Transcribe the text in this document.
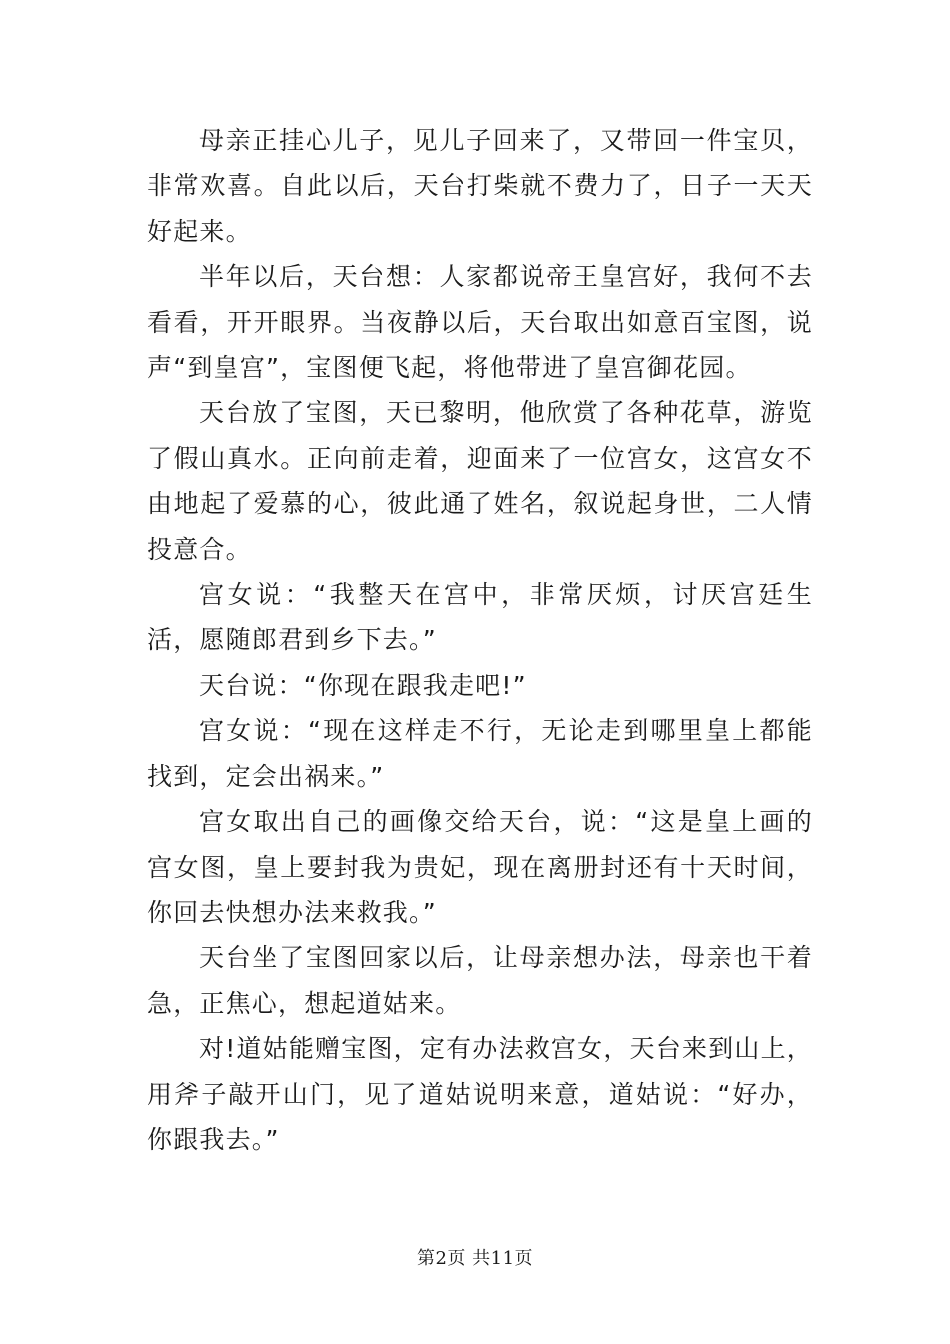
母亲正挂心儿子，见儿子回来了，又带回一件宝贝，非常欢喜。自此以后，天台打柴就不费力了，日子一天天好起来。

半年以后，天台想：人家都说帝王皇宫好，我何不去看看，开开眼界。当夜静以后，天台取出如意百宝图，说声“到皇宫”，宝图便飞起，将他带进了皇宫御花园。

天台放了宝图，天已黎明，他欣赏了各种花草，游览了假山真水。正向前走着，迎面来了一位宫女，这宫女不由地起了爱慕的心，彼此通了姓名，叙说起身世，二人情投意合。

宫女说：“我整天在宫中，非常厌烦，讨厌宫廷生活，愿随郎君到乡下去。”

天台说：“你现在跟我走吧!”

宫女说：“现在这样走不行，无论走到哪里皇上都能找到，定会出祸来。”

宫女取出自己的画像交给天台，说：“这是皇上画的宫女图，皇上要封我为贵妃，现在离册封还有十天时间，你回去快想办法来救我。”

天台坐了宝图回家以后，让母亲想办法，母亲也干着急，正焦心，想起道姑来。

对!道姑能赠宝图，定有办法救宫女，天台来到山上，用斧子敲开山门，见了道姑说明来意，道姑说：“好办，你跟我去。”

第2页 共11页
